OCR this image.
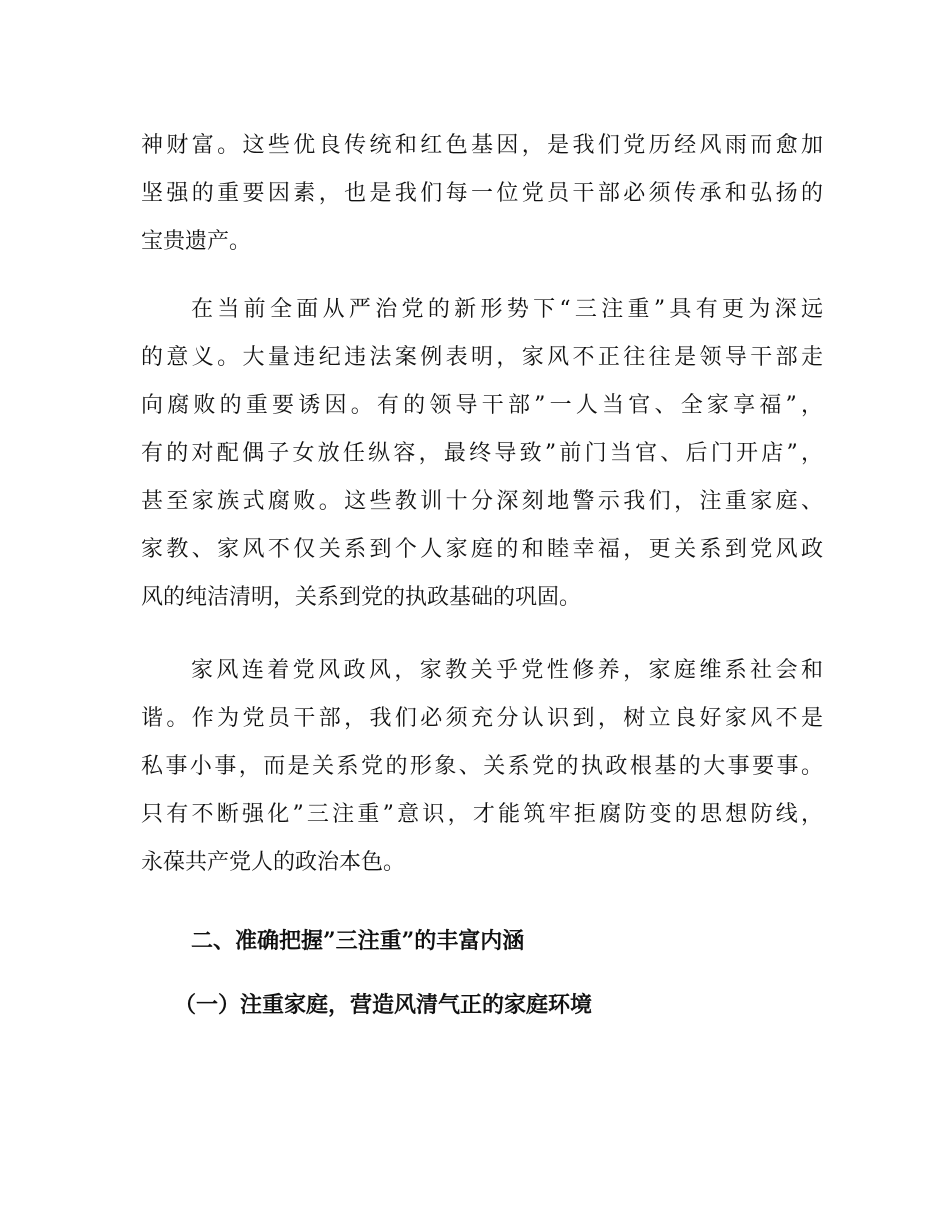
神财富。这些优良传统和红色基因，是我们党历经风雨而愈加
坚强的重要因素，也是我们每一位党员干部必须传承和弘扬的
宝贵遗产。
在当前全面从严治党的新形势下“三注重”具有更为深远
的意义。大量违纪违法案例表明，家风不正往往是领导干部走
向腐败的重要诱因。有的领导干部”一人当官、全家享福”，
有的对配偶子女放任纵容，最终导致”前门当官、后门开店”，
甚至家族式腐败。这些教训十分深刻地警示我们，注重家庭、
家教、家风不仅关系到个人家庭的和睦幸福，更关系到党风政
风的纯洁清明，关系到党的执政基础的巩固。
家风连着党风政风，家教关乎党性修养，家庭维系社会和
谐。作为党员干部，我们必须充分认识到，树立良好家风不是
私事小事，而是关系党的形象、关系党的执政根基的大事要事。
只有不断强化”三注重”意识，才能筑牢拒腐防变的思想防线，
永葆共产党人的政治本色。
二、准确把握”三注重”的丰富内涵
（一）注重家庭，营造风清气正的家庭环境
